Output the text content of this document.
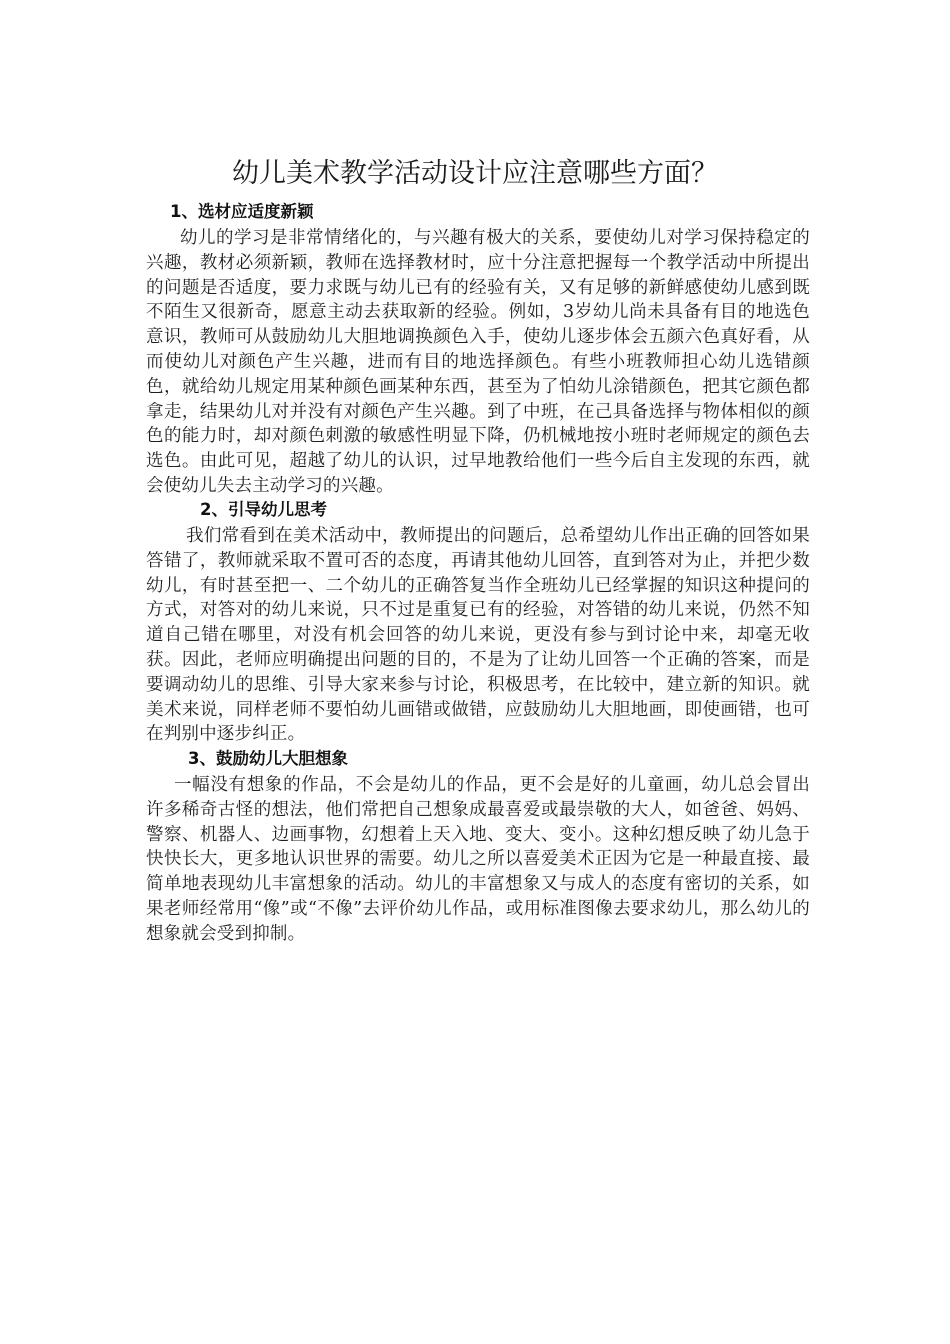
幼儿美术教学活动设计应注意哪些方面？
1、选材应适度新颖

幼儿的学习是非常情绪化的，与兴趣有极大的关系，要使幼儿对学习保持稳定的兴趣，教材必须新颖，教师在选择教材时，应十分注意把握每一个教学活动中所提出的问题是否适度，要力求既与幼儿已有的经验有关，又有足够的新鲜感使幼儿感到既不陌生又很新奇，愿意主动去获取新的经验。例如，3岁幼儿尚未具备有目的地选色意识，教师可从鼓励幼儿大胆地调换颜色入手，使幼儿逐步体会五颜六色真好看，从而使幼儿对颜色产生兴趣，进而有目的地选择颜色。有些小班教师担心幼儿选错颜色，就给幼儿规定用某种颜色画某种东西，甚至为了怕幼儿涂错颜色，把其它颜色都拿走，结果幼儿对并没有对颜色产生兴趣。到了中班，在己具备选择与物体相似的颜色的能力时，却对颜色刺激的敏感性明显下降，仍机械地按小班时老师规定的颜色去选色。由此可见，超越了幼儿的认识，过早地教给他们一些今后自主发现的东西，就会使幼儿失去主动学习的兴趣。

2、引导幼儿思考

我们常看到在美术活动中，教师提出的问题后，总希望幼儿作出正确的回答如果答错了，教师就采取不置可否的态度，再请其他幼儿回答，直到答对为止，并把少数幼儿，有时甚至把一、二个幼儿的正确答复当作全班幼儿已经掌握的知识这种提问的方式，对答对的幼儿来说，只不过是重复已有的经验，对答错的幼儿来说，仍然不知道自己错在哪里，对没有机会回答的幼儿来说，更没有参与到讨论中来，却毫无收获。因此，老师应明确提出问题的目的，不是为了让幼儿回答一个正确的答案，而是要调动幼儿的思维、引导大家来参与讨论，积极思考，在比较中，建立新的知识。就美术来说，同样老师不要怕幼儿画错或做错，应鼓励幼儿大胆地画，即使画错，也可在判别中逐步纠正。

3、鼓励幼儿大胆想象

一幅没有想象的作品，不会是幼儿的作品，更不会是好的儿童画，幼儿总会冒出许多稀奇古怪的想法，他们常把自己想象成最喜爱或最崇敬的大人，如爸爸、妈妈、警察、机器人、边画事物，幻想着上天入地、变大、变小。这种幻想反映了幼儿急于快快长大，更多地认识世界的需要。幼儿之所以喜爱美术正因为它是一种最直接、最简单地表现幼儿丰富想象的活动。幼儿的丰富想象又与成人的态度有密切的关系，如果老师经常用“像”或“不像”去评价幼儿作品，或用标准图像去要求幼儿，那么幼儿的想象就会受到抑制。
